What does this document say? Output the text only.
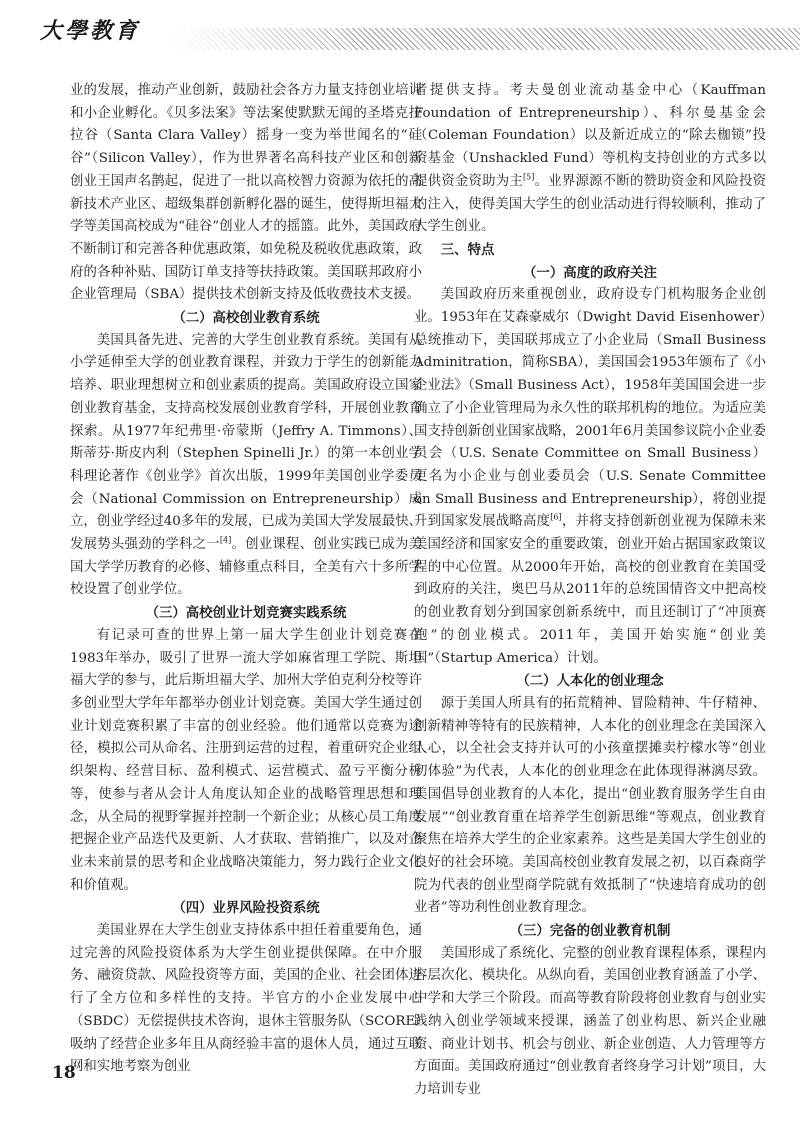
大學教育

业的发展，推动产业创新，鼓励社会各方力量支持创业培训和小企业孵化。《贝多法案》等法案使默默无闻的圣塔克拉拉谷（Santa Clara Valley）摇身一变为举世闻名的“硅谷”（Silicon Valley），作为世界著名高科技产业区和创新创业王国声名鹊起，促进了一批以高校智力资源为依托的高新技术产业区、超级集群创新孵化器的诞生，使得斯坦福大学等美国高校成为“硅谷”创业人才的摇篮。此外，美国政府不断制订和完善各种优惠政策，如免税及税收优惠政策，政府的各种补贴、国防订单支持等扶持政策。美国联邦政府小企业管理局（SBA）提供技术创新支持及低收费技术支援。

（二）高校创业教育系统

美国具备先进、完善的大学生创业教育系统。美国有从小学延伸至大学的创业教育课程，并致力于学生的创新能力培养、职业理想树立和创业素质的提高。美国政府设立国家创业教育基金，支持高校发展创业教育学科，开展创业教育探索。从1977年纪弗里·帝蒙斯（Jeffry A. Timmons）、斯蒂芬·斯皮内利（Stephen Spinelli Jr.）的第一本创业学科理论著作《创业学》首次出版，1999年美国创业学委员会（National Commission on Entrepreneurship）成立，创业学经过40多年的发展，已成为美国大学发展最快、发展势头强劲的学科之一[4]。创业课程、创业实践已成为美国大学学历教育的必修、辅修重点科目，全美有六十多所学校设置了创业学位。

（三）高校创业计划竞赛实践系统

有记录可查的世界上第一届大学生创业计划竞赛在1983年举办，吸引了世界一流大学如麻省理工学院、斯坦福大学的参与，此后斯坦福大学、加州大学伯克利分校等许多创业型大学年年都举办创业计划竞赛。美国大学生通过创业计划竞赛积累了丰富的创业经验。他们通常以竞赛为途径，模拟公司从命名、注册到运营的过程，着重研究企业组织架构、经营目标、盈利模式、运营模式、盈亏平衡分析等，使参与者从会计人角度认知企业的战略管理思想和理念，从全局的视野掌握并控制一个新企业；从核心员工角度把握企业产品迭代及更新、人才获取、营销推广，以及对企业未来前景的思考和企业战略决策能力，努力践行企业文化和价值观。

（四）业界风险投资系统

美国业界在大学生创业支持体系中担任着重要角色，通过完善的风险投资体系为大学生创业提供保障。在中介服务、融资贷款、风险投资等方面，美国的企业、社会团体进行了全方位和多样性的支持。半官方的小企业发展中心（SBDC）无偿提供技术咨询，退休主管服务队（SCORE）吸纳了经营企业多年且从商经验丰富的退休人员，通过互联网和实地考察为创业

者提供支持。考夫曼创业流动基金中心（Kauffman Foundation of Entrepreneurship）、科尔曼基金会（Coleman Foundation）以及新近成立的“除去枷锁”投资基金（Unshackled Fund）等机构支持创业的方式多以提供资金资助为主[5]。业界源源不断的赞助资金和风险投资的注入，使得美国大学生的创业活动进行得较顺利，推动了大学生创业。

三、特点
（一）高度的政府关注

美国政府历来重视创业，政府设专门机构服务企业创业。1953年在艾森豪威尔（Dwight David Eisenhower）总统推动下，美国联邦成立了小企业局（Small Business Adminitration，简称SBA），美国国会1953年颁布了《小企业法》（Small Business Act），1958年美国国会进一步确立了小企业管理局为永久性的联邦机构的地位。为适应美国支持创新创业国家战略，2001年6月美国参议院小企业委员会（U.S. Senate Committee on Small Business）更名为小企业与创业委员会（U.S. Senate Committee on Small Business and Entrepreneurship），将创业提升到国家发展战略高度[6]，并将支持创新创业视为保障未来美国经济和国家安全的重要政策，创业开始占据国家政策议程的中心位置。从2000年开始，高校的创业教育在美国受到政府的关注，奥巴马从2011年的总统国情咨文中把高校的创业教育划分到国家创新系统中，而且还制订了“冲顶赛跑”的创业模式。2011年，美国开始实施“创业美国”（Startup America）计划。

（二）人本化的创业理念

源于美国人所具有的拓荒精神、冒险精神、牛仔精神、创新精神等特有的民族精神，人本化的创业理念在美国深入人心，以全社会支持并认可的小孩童摆摊卖柠檬水等“创业初体验”为代表，人本化的创业理念在此体现得淋漓尽致。美国倡导创业教育的人本化，提出“创业教育服务学生自由发展”“创业教育重在培养学生创新思维”等观点，创业教育聚焦在培养大学生的企业家素养。这些是美国大学生创业的良好的社会环境。美国高校创业教育发展之初，以百森商学院为代表的创业型商学院就有效抵制了“快速培育成功的创业者”等功利性创业教育理念。

（三）完备的创业教育机制

美国形成了系统化、完整的创业教育课程体系，课程内容层次化、模块化。从纵向看，美国创业教育涵盖了小学、中学和大学三个阶段。而高等教育阶段将创业教育与创业实践纳入创业学领域来授课，涵盖了创业构思、新兴企业融资、商业计划书、机会与创业、新企业创造、人力管理等方方面面。美国政府通过“创业教育者终身学习计划”项目，大力培训专业

18
